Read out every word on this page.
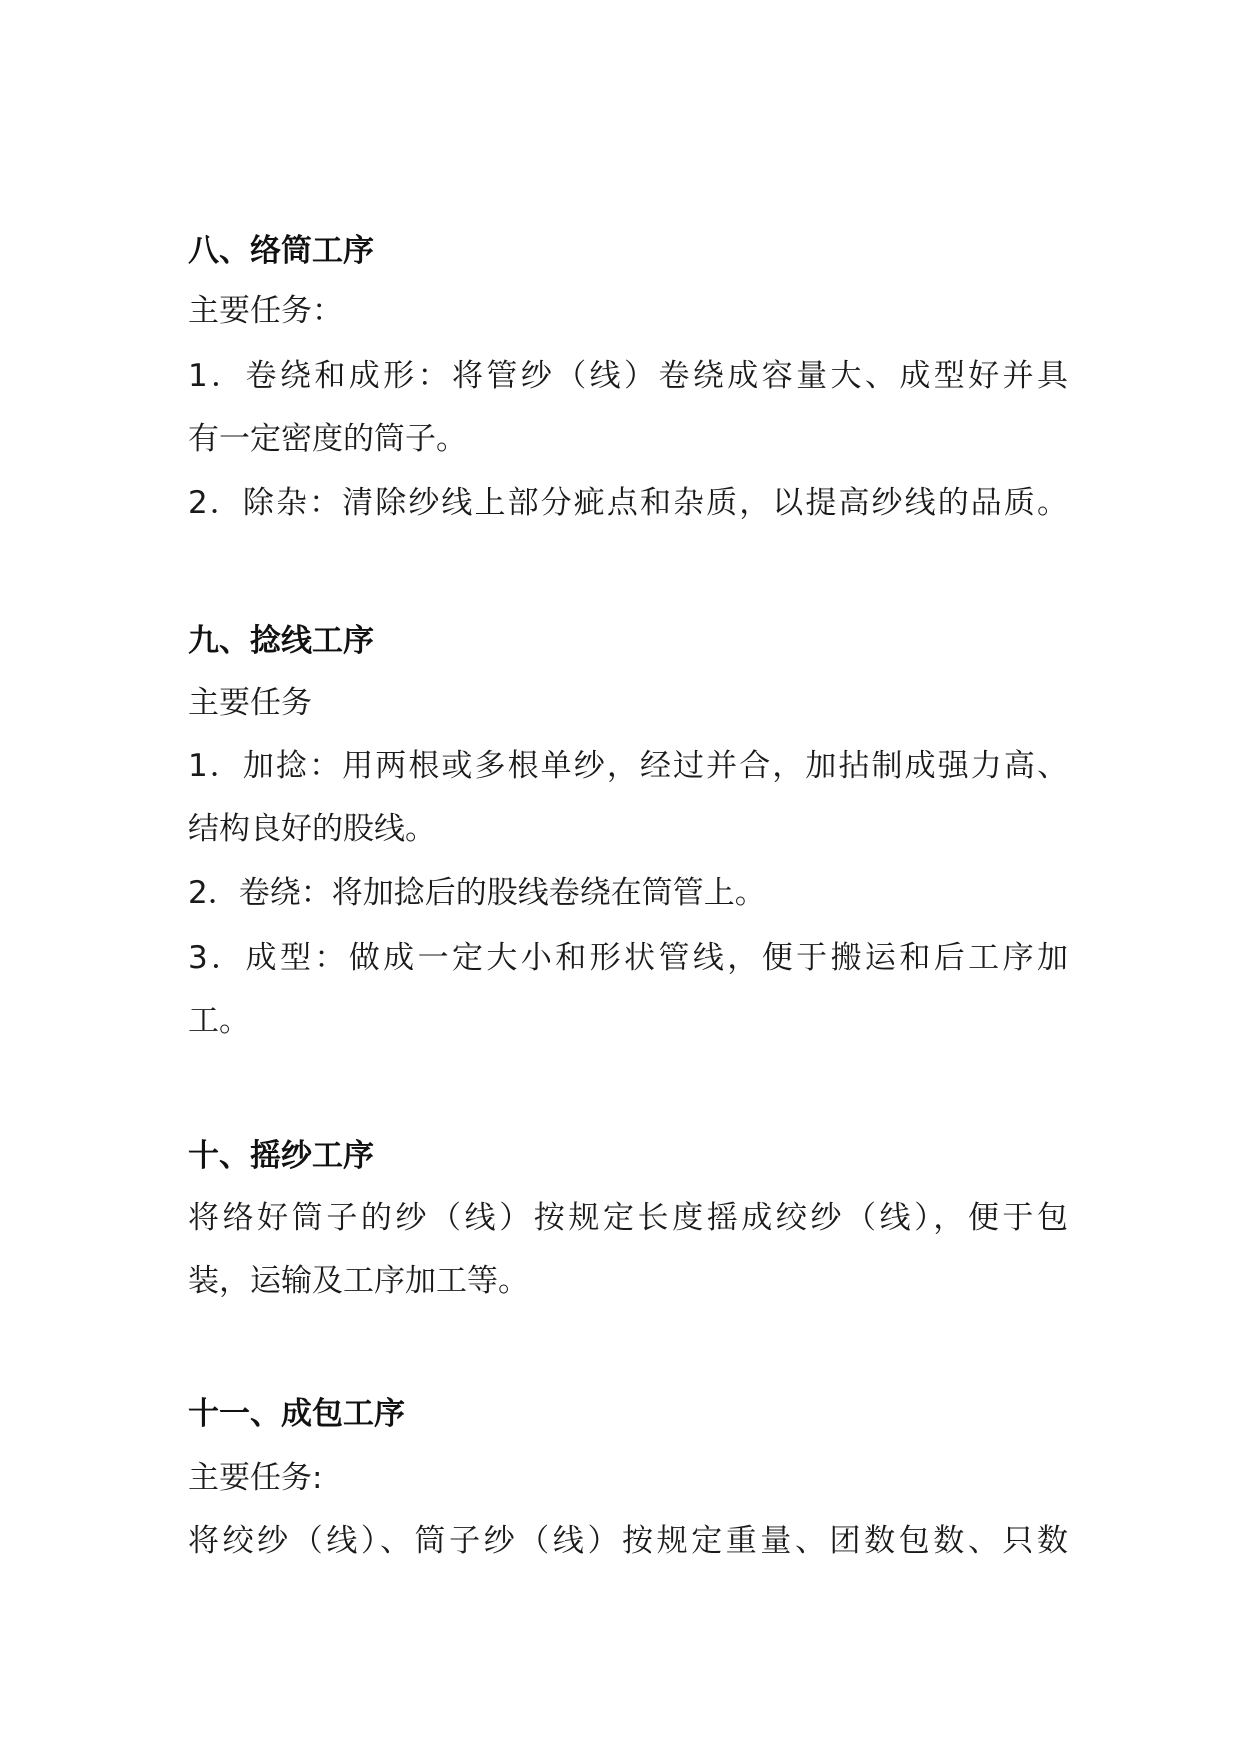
八、络筒工序
主要任务：
1．卷绕和成形：将管纱（线）卷绕成容量大、成型好并具
有一定密度的筒子。
2．除杂：清除纱线上部分疵点和杂质，以提高纱线的品质。
九、捻线工序
主要任务
1．加捻：用两根或多根单纱，经过并合，加拈制成强力高、
结构良好的股线。
2．卷绕：将加捻后的股线卷绕在筒管上。
3．成型：做成一定大小和形状管线，便于搬运和后工序加
工。
十、摇纱工序
将络好筒子的纱（线）按规定长度摇成绞纱（线），便于包
装，运输及工序加工等。
十一、成包工序
主要任务:
将绞纱（线）、筒子纱（线）按规定重量、团数包数、只数
